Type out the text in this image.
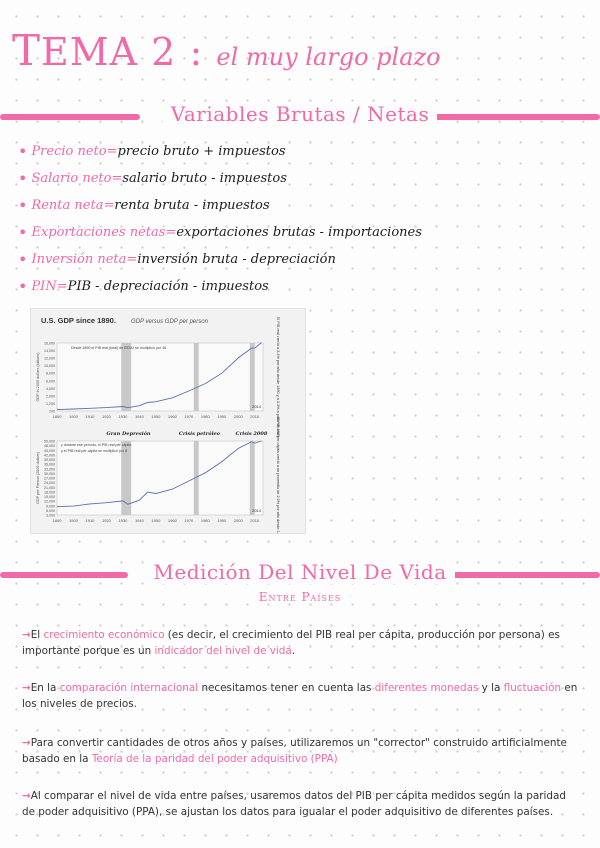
TEMA 2 : el muy largo plazo
Variables Brutas / Netas
• Precio neto = precio bruto + impuestos
• Salario neto = salario bruto - impuestos
• Renta neta = renta bruta - impuestos
• Exportaciones netas = exportaciones brutas - importaciones
• Inversión neta = inversión bruta - depreciación
• PIN = PIB - depreciación - impuestos
U.S. GDP since 1890.	GDP versus GDP per person
200
1,200
2,000
4,000
6,000
8,000
10,000
12,000
14,000
16,000
1890 1900 1910 1920 1930 1940 1950 1960 1970 1980 1990 2000 2010
GDP in 2009 dollars (billions)
2014
Desde 1890 el PIB real (total) de EEUU se multiplicó por 46	El PIB real creció a 3.4% por año desde 1890 y a 3.3% a partir de 1929
3,000
6,000
9,000
12,000
15,000
18,000
21,000
24,000
27,000
30,000
33,000
36,000
39,000
42,000
45,000
48,000
50,000
1890 1900 1910 1920 1930 1940 1950 1960 1970 1980 1990 2000 2010
GDP per Person (2009 dollars)
2014
y durante ese período, el PIB real per cápita
y el PIB real per cápita se multiplicó por 8
Gran Depresión	Crisis petróleo	Crisis 2008 El PIB real per cápita creció a un promedio de 2.0% por año desde 1890
Medición Del Nivel De Vida
Entre Países
→El crecimiento económico (es decir, el crecimiento del PIB real per cápita, producción por persona) es importante porque es un indicador del nivel de vida.
→En la comparación internacional necesitamos tener en cuenta las diferentes monedas y la fluctuación en los niveles de precios.
→Para convertir cantidades de otros años y países, utilizaremos un "corrector" construido artificialmente basado en la Teoría de la paridad del poder adquisitivo (PPA)
→Al comparar el nivel de vida entre países, usaremos datos del PIB per cápita medidos según la paridad de poder adquisitivo (PPA), se ajustan los datos para igualar el poder adquisitivo de diferentes países.
